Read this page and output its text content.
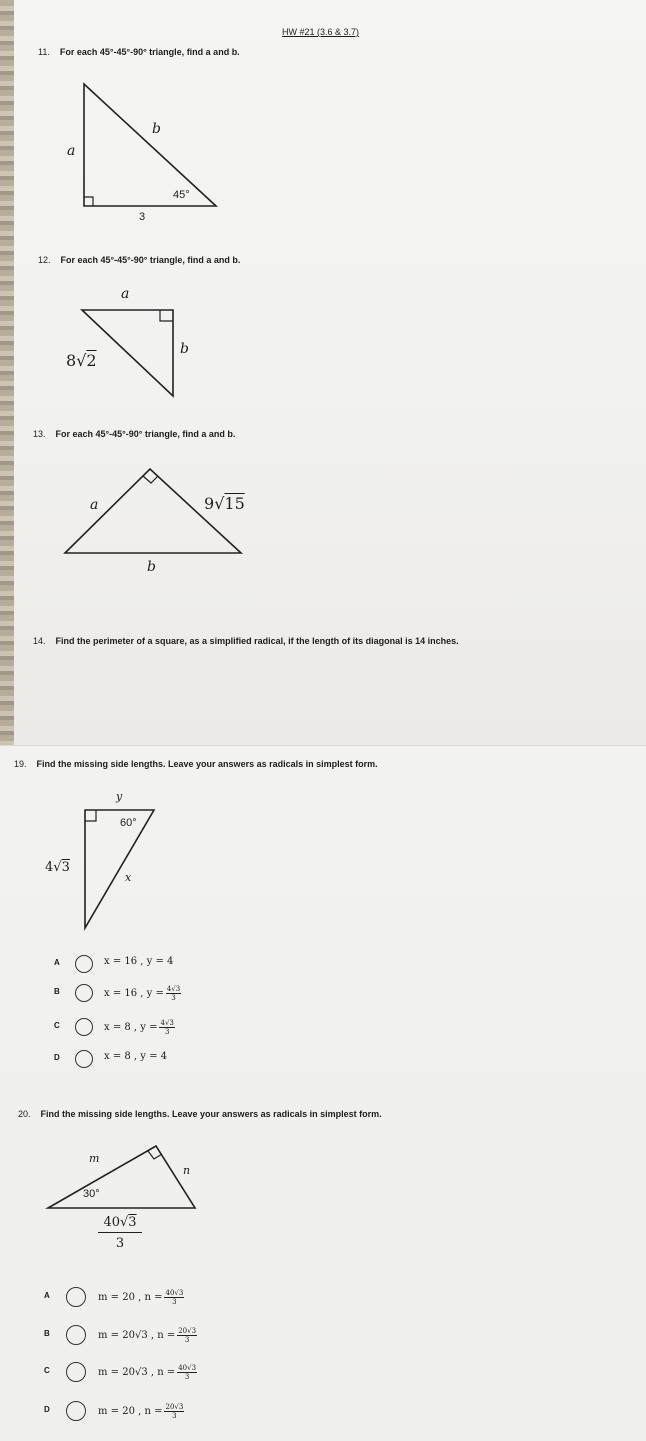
HW #21 (3.6 & 3.7)
11. For each 45°-45°-90° triangle, find a and b.
a
b
45°
3
12. For each 45°-45°-90° triangle, find a and b.
a
b
8√2
13. For each 45°-45°-90° triangle, find a and b.
a
b
9√15
14. Find the perimeter of a square, as a simplified radical, if the length of its diagonal is 14 inches.
19. Find the missing side lengths. Leave your answers as radicals in simplest form.
y
x
60°
4√3
A	x = 16 , y = 4
B	x = 16 , $y = \frac{4√3}{3}$
C	x = 8 , $y = \frac{4√3}{3}$
D	x = 8 , y = 4
20. Find the missing side lengths. Leave your answers as radicals in simplest form.
m
n
30°
$\frac{40√3}{3}$
A	m = 20 , $n = \frac{40√3}{3}$
B	m = 20√3 , $n = \frac{20√3}{3}$
C	m = 20√3 , $n = \frac{40√3}{3}$
D	m = 20 , $n = \frac{20√3}{3}$
